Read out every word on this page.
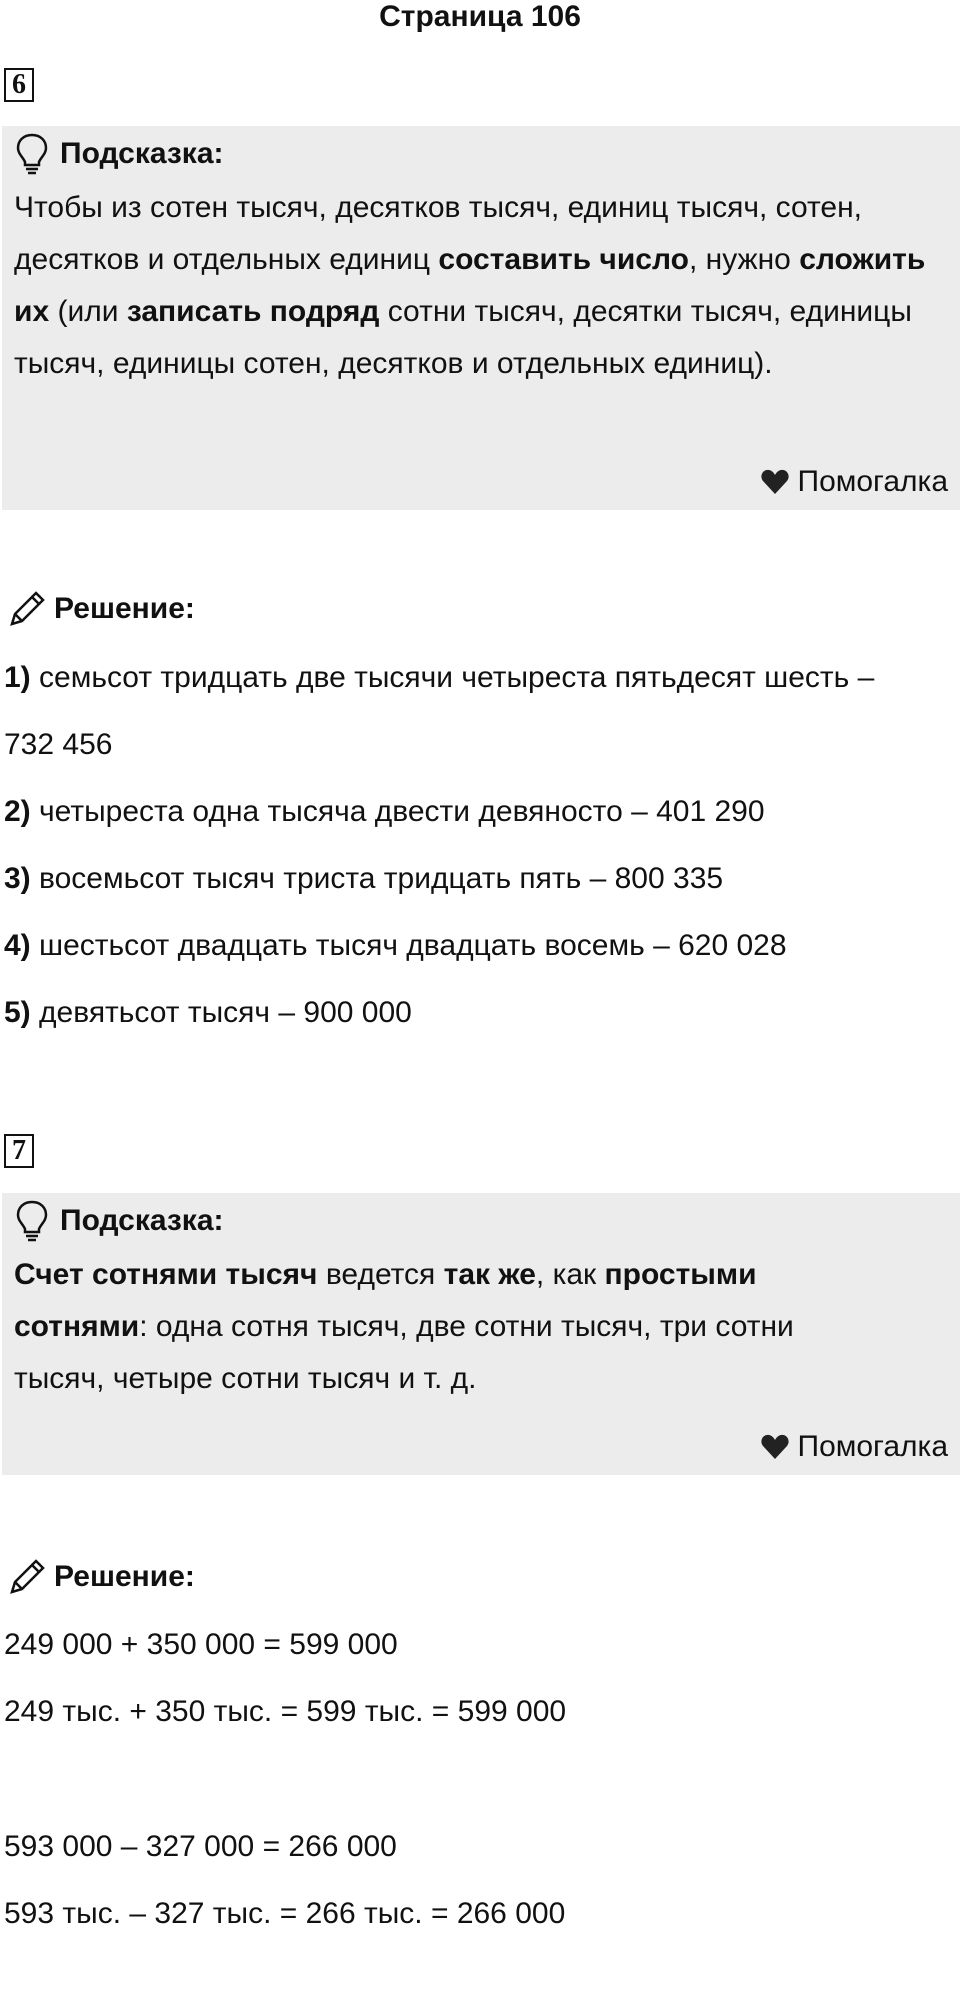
Страница 106
6
Подсказка:
Чтобы из сотен тысяч, десятков тысяч, единиц тысяч, сотен, десятков и отдельных единиц составить число, нужно сложить их (или записать подряд сотни тысяч, десятки тысяч, единицы тысяч, единицы сотен, десятков и отдельных единиц).
Помогалка
Решение:
1) семьсот тридцать две тысячи четыреста пятьдесят шесть –
732 456
2) четыреста одна тысяча двести девяносто – 401 290
3) восемьсот тысяч триста тридцать пять – 800 335
4) шестьсот двадцать тысяч двадцать восемь – 620 028
5) девятьсот тысяч – 900 000
7
Подсказка:
Счет сотнями тысяч ведется так же, как простыми сотнями: одна сотня тысяч, две сотни тысяч, три сотни тысяч, четыре сотни тысяч и т. д.
Помогалка
Решение:
249 000 + 350 000 = 599 000
249 тыс. + 350 тыс. = 599 тыс. = 599 000
593 000 – 327 000 = 266 000
593 тыс. – 327 тыс. = 266 тыс. = 266 000
